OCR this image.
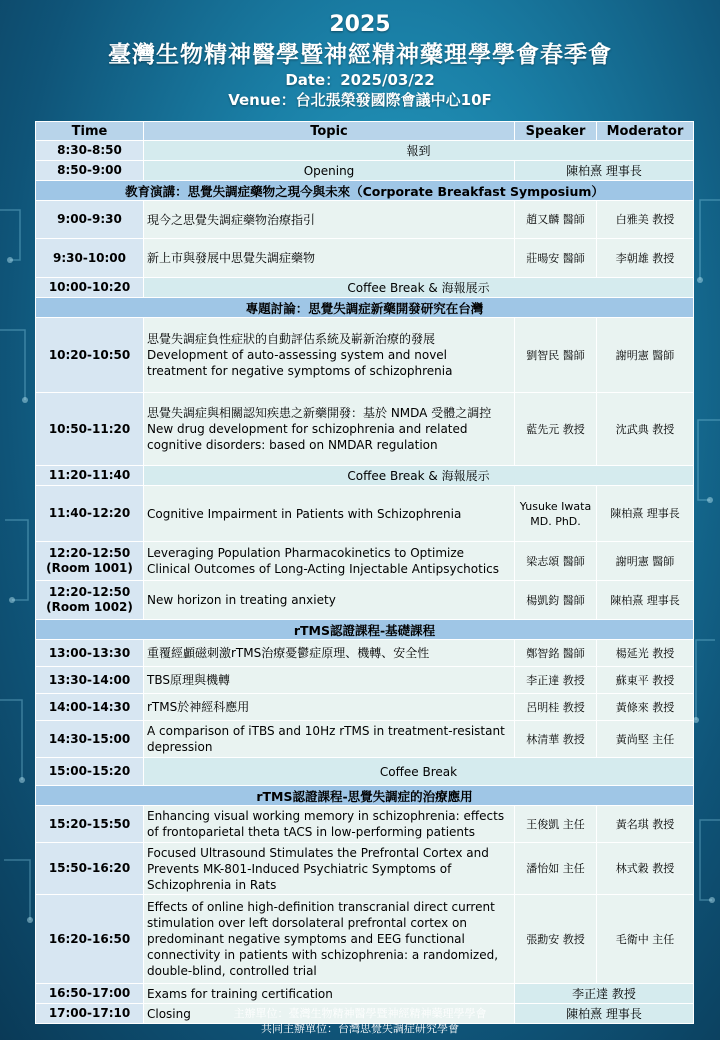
2025
臺灣生物精神醫學暨神經精神藥理學學會春季會
Date：2025/03/22
Venue：台北張榮發國際會議中心10F
Time	Topic	Speaker	Moderator
8:30-8:50	報到		
8:50-9:00	Opening	陳柏熹 理事長	
教育演講：思覺失調症藥物之現今與未來（Corporate Breakfast Symposium）			
9:00-9:30	現今之思覺失調症藥物治療指引	趙又麟 醫師	白雅美 教授
9:30-10:00	新上市與發展中思覺失調症藥物	莊暘安 醫師	李朝雄 教授
10:00-10:20	Coffee Break & 海報展示		
專題討論：思覺失調症新藥開發研究在台灣			
10:20-10:50	思覺失調症負性症狀的自動評估系統及嶄新治療的發展 Development of auto-assessing system and novel treatment for negative symptoms of schizophrenia	劉智民 醫師	謝明憲 醫師
10:50-11:20	思覺失調症與相關認知疾患之新藥開發：基於 NMDA 受體之調控 New drug development for schizophrenia and related cognitive disorders: based on NMDAR regulation	藍先元 教授	沈武典 教授
11:20-11:40	Coffee Break & 海報展示		
11:40-12:20	Cognitive Impairment in Patients with Schizophrenia	Yusuke Iwata MD. PhD.	陳柏熹 理事長
12:20-12:50 (Room 1001)	Leveraging Population Pharmacokinetics to Optimize Clinical Outcomes of Long-Acting Injectable Antipsychotics	梁志頌 醫師	謝明憲 醫師
12:20-12:50 (Room 1002)	New horizon in treating anxiety	楊凱鈞 醫師	陳柏熹 理事長
rTMS認證課程-基礎課程			
13:00-13:30	重覆經顱磁刺激rTMS治療憂鬱症原理、機轉、安全性	鄭智銘 醫師	楊延光 教授
13:30-14:00	TBS原理與機轉	李正達 教授	蘇東平 教授
14:00-14:30	rTMS於神經科應用	呂明桂 教授	黃條來 教授
14:30-15:00	A comparison of iTBS and 10Hz rTMS in treatment-resistant depression	林清華 教授	黃尚堅 主任
15:00-15:20	Coffee Break		
rTMS認證課程-思覺失調症的治療應用			
15:20-15:50	Enhancing visual working memory in schizophrenia: effects of frontoparietal theta tACS in low-performing patients	王俊凱 主任	黃名琪 教授
15:50-16:20	Focused Ultrasound Stimulates the Prefrontal Cortex and Prevents MK-801-Induced Psychiatric Symptoms of Schizophrenia in Rats	潘怡如 主任	林式穀 教授
16:20-16:50	Effects of online high-definition transcranial direct current stimulation over left dorsolateral prefrontal cortex on predominant negative symptoms and EEG functional connectivity in patients with schizophrenia: a randomized, double-blind, controlled trial	張勳安 教授	毛衛中 主任
16:50-17:00	Exams for training certification	李正達 教授	
17:00-17:10	Closing	陳柏熹 理事長	
主辦單位：臺灣生物精神醫學暨神經精神藥理學學會
共同主辦單位：台灣思覺失調症研究學會
